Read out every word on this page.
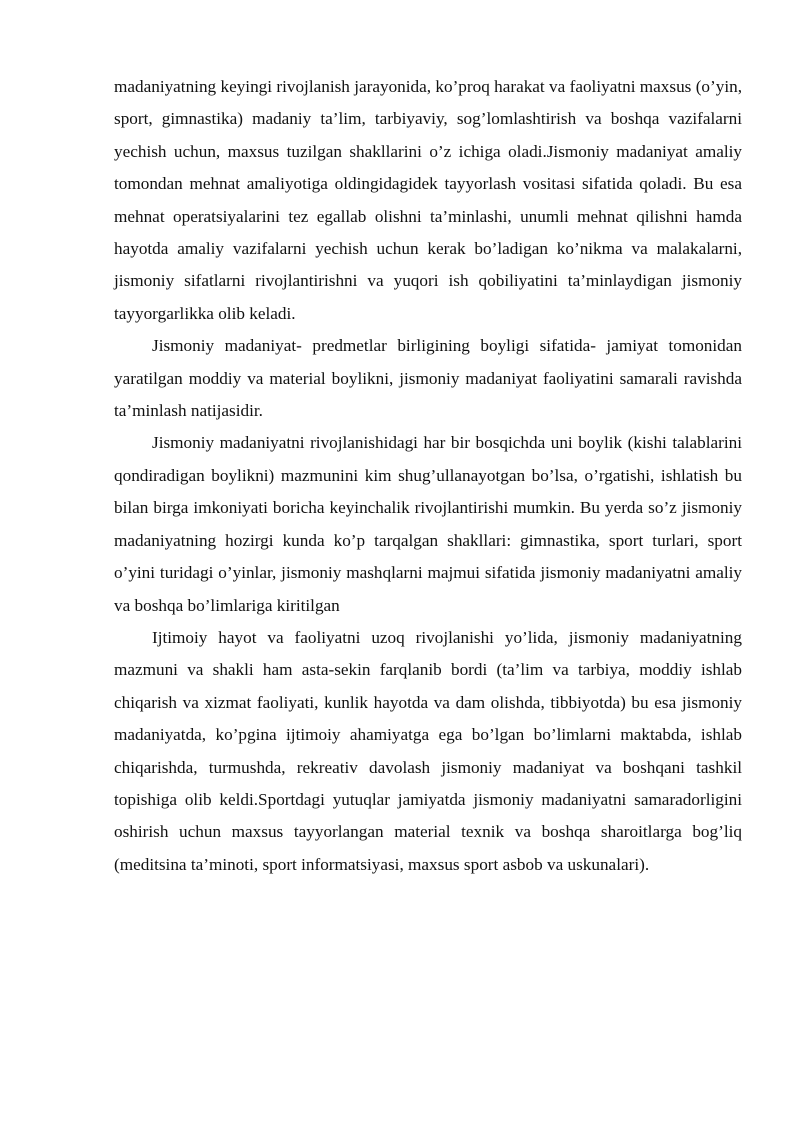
madaniyatning keyingi rivojlanish jarayonida, ko’proq harakat va faoliyatni maxsus (o’yin, sport, gimnastika) madaniy ta’lim, tarbiyaviy, sog’lomlashtirish va boshqa vazifalarni yechish uchun, maxsus tuzilgan shakllarini o’z ichiga oladi.Jismoniy madaniyat amaliy tomondan mehnat amaliyotiga oldingidagidek tayyorlash vositasi sifatida qoladi. Bu esa mehnat operatsiyalarini tez egallab olishni ta’minlashi, unumli mehnat qilishni hamda hayotda amaliy vazifalarni yechish uchun kerak bo’ladigan ko’nikma va malakalarni, jismoniy sifatlarni rivojlantirishni va yuqori ish qobiliyatini ta’minlaydigan jismoniy tayyorgarlikka olib keladi.

Jismoniy madaniyat- predmetlar birligining boyligi sifatida- jamiyat tomonidan yaratilgan moddiy va material boylikni, jismoniy madaniyat faoliyatini samarali ravishda ta’minlash natijasidir.

Jismoniy madaniyatni rivojlanishidagi har bir bosqichda uni boylik (kishi talablarini qondiradigan boylikni) mazmunini kim shug’ullanayotgan bo’lsa, o’rgatishi, ishlatish bu bilan birga imkoniyati boricha keyinchalik rivojlantirishi mumkin. Bu yerda so’z jismoniy madaniyatning hozirgi kunda ko’p tarqalgan shakllari: gimnastika, sport turlari, sport o’yini turidagi o’yinlar, jismoniy mashqlarni majmui sifatida jismoniy madaniyatni amaliy va boshqa bo’limlariga kiritilgan

Ijtimoiy hayot va faoliyatni uzoq rivojlanishi yo’lida, jismoniy madaniyatning mazmuni va shakli ham asta-sekin farqlanib bordi (ta’lim va tarbiya, moddiy ishlab chiqarish va xizmat faoliyati, kunlik hayotda va dam olishda, tibbiyotda) bu esa jismoniy madaniyatda, ko’pgina ijtimoiy ahamiyatga ega bo’lgan bo’limlarni maktabda, ishlab chiqarishda, turmushda, rekreativ davolash jismoniy madaniyat va boshqani tashkil topishiga olib keldi.Sportdagi yutuqlar jamiyatda jismoniy madaniyatni samaradorligini oshirish uchun maxsus tayyorlangan material texnik va boshqa sharoitlarga bog’liq (meditsina ta’minoti, sport informatsiyasi, maxsus sport asbob va uskunalari).
